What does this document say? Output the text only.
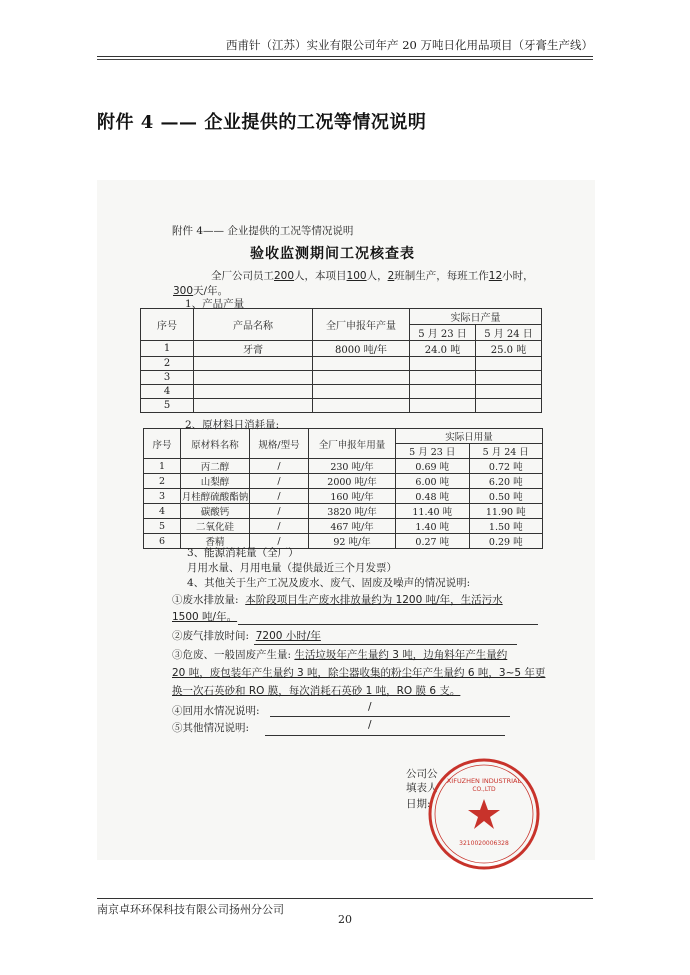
西甫针（江苏）实业有限公司年产 20 万吨日化用品项目（牙膏生产线）
附件 4 —— 企业提供的工况等情况说明
附件 4—— 企业提供的工况等情况说明
验收监测期间工况核查表
全厂公司员工200人，本项目100人，2班制生产，每班工作12小时，
300天/年。
1、产品产量
序号	产品名称	全厂申报年产量	实际日产量	
			5 月 23 日	5 月 24 日
1	牙膏	8000 吨/年	24.0 吨	25.0 吨
2				
3				
4				
5				
2、原材料日消耗量:
序号	原材料名称	规格/型号	全厂申报年用量	实际日用量	
				5 月 23 日	5 月 24 日
1	丙二醇	/	230 吨/年	0.69 吨	0.72 吨
2	山梨醇	/	2000 吨/年	6.00 吨	6.20 吨
3	月桂醇硫酸酯钠	/	160 吨/年	0.48 吨	0.50 吨
4	碳酸钙	/	3820 吨/年	11.40 吨	11.90 吨
5	二氧化硅	/	467 吨/年	1.40 吨	1.50 吨
6	香精	/	92 吨/年	0.27 吨	0.29 吨
3、能源消耗量（全厂）
月用水量、月用电量（提供最近三个月发票）
4、其他关于生产工况及废水、废气、固废及噪声的情况说明:
①废水排放量: 本阶段项目生产废水排放量约为 1200 吨/年，生活污水
1500 吨/年。
②废气排放时间: 7200 小时/年
③危废、一般固废产生量: 生活垃圾年产生量约 3 吨，边角料年产生量约
20 吨，废包装年产生量约 3 吨，除尘器收集的粉尘年产生量约 6 吨，3~5 年更
换一次石英砂和 RO 膜，每次消耗石英砂 1 吨，RO 膜 6 支。
④回用水情况说明:	/
⑤其他情况说明:	/
公司公
填表人
日期:
3210020006328
XIFUZHEN INDUSTRIAL
CO.,LTD
南京卓环环保科技有限公司扬州分公司
20
